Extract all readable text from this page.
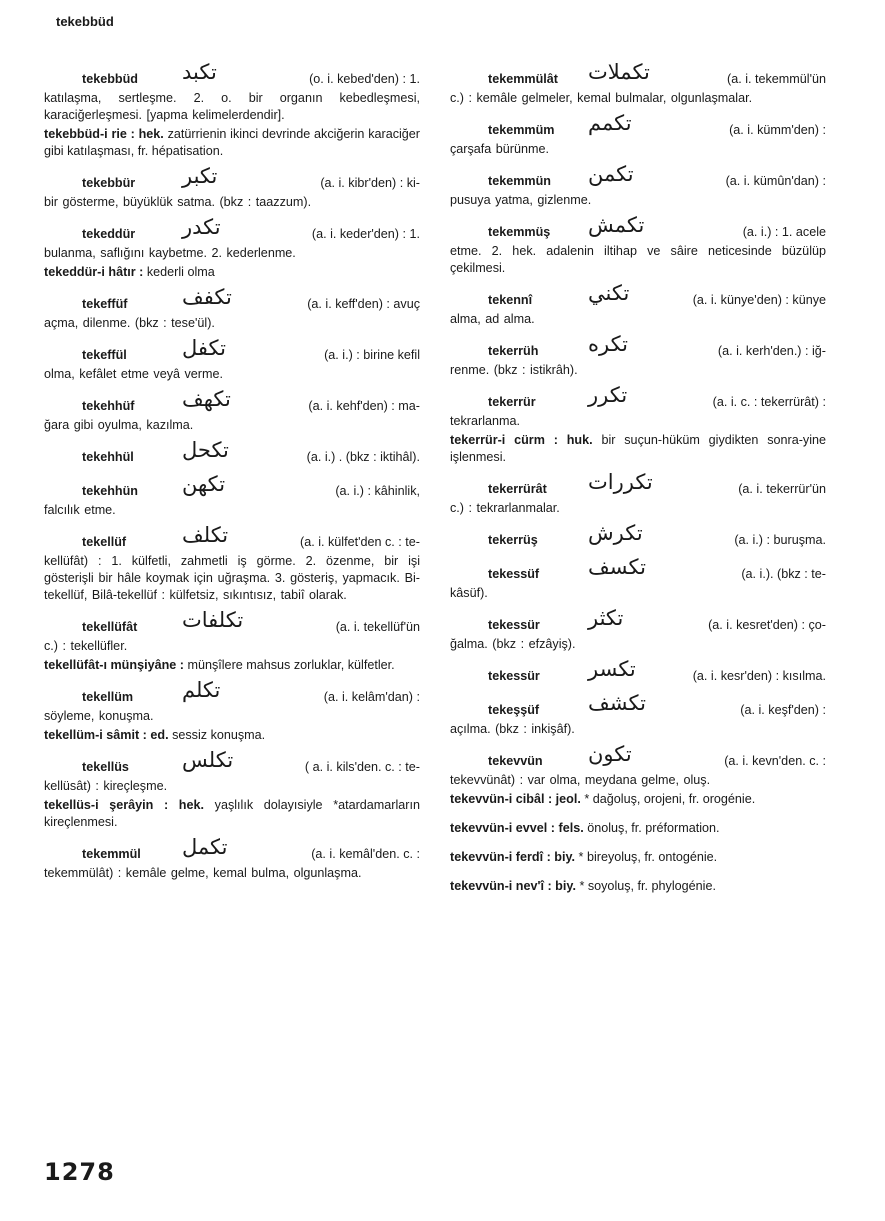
tekebbüd
tekebbüd تكبد	(o. i. kebed'den) : 1.

katılaşma, sertleşme. 2. o. bir organın kebedleşmesi, karaciğerleşmesi. [yapma kelimelerdendir].

tekebbüd-i rie : hek. zatürrienin ikinci devrinde akciğerin karaciğer gibi katılaşması, fr. hépatisation.
tekebbür تكبر	(a. i. kibr'den) : ki-

bir gösterme, büyüklük satma. (bkz : taazzum).

tekeddür تكدر	(a. i. keder'den) : 1.

bulanma, saflığını kaybetme. 2. kederlenme.

tekeddür-i hâtır : kederli olma
tekeffüf	تكفف	(a. i. keff'den) : avuç

açma, dilenme. (bkz : tese'ül).

tekeffül	تكفل	(a. i.) : birine kefil

olma, kefâlet etme veyâ verme.

tekehhüf تكهف	(a. i. kehf'den) : ma-

ğara gibi oyulma, kazılma.

tekehhül تكحل	(a. i.) . (bkz : iktihâl).
tekehhün تكهن	(a. i.) : kâhinlik,

falcılık etme.

tekellüf	تكلف	(a. i. külfet'den c. : te-

kellüfât) : 1. külfetli, zahmetli iş görme. 2. özenme, bir işi gösterişli bir hâle koymak için uğraşma. 3. gösteriş, yapmacık. Bi-tekellüf, Bilâ-tekellüf : külfetsiz, sıkıntısız, tabiî olarak.

tekellüfât تكلفات	(a. i. tekellüf'ün

c.) : tekellüfler.

tekellüfât-ı münşiyâne : münşîlere mahsus zorluklar, külfetler.
tekellüm تكلم	(a. i. kelâm'dan) :

söyleme, konuşma.

tekellüm-i sâmit : ed. sessiz konuşma.
tekellüs	تكلس	( a. i. kils'den. c. : te-

kellüsât) : kireçleşme.

tekellüs-i şerâyin : hek. yaşlılık dolayısiyle *atardamarların kireçlenmesi.
tekemmül تكمل	(a. i. kemâl'den. c. :

tekemmülât) : kemâle gelme, kemal bulma, olgunlaşma.

tekemmülât تكملات	(a. i. tekemmül'ün

c.) : kemâle gelmeler, kemal bulmalar, olgunlaşmalar.

tekemmüm تكمم	(a. i. kümm'den) :

çarşafa bürünme.

tekemmün تكمن	(a. i. kümûn'dan) :

pusuya yatma, gizlenme.

tekemmüş تكمش	(a. i.) : 1. acele

etme. 2. hek. adalenin iltihap ve sâire neticesinde büzülüp çekilmesi.

tekennî	تكني	(a. i. künye'den) : künye

alma, ad alma.

tekerrüh تكره	(a. i. kerh'den.) : iğ-

renme. (bkz : istikrâh).

tekerrür تكرر	(a. i. c. : tekerrürât) :

tekrarlanma.

tekerrür-i cürm : huk. bir suçun-hüküm giydikten sonra-yine işlenmesi.
tekerrürât تكررات	(a. i. tekerrür'ün

c.) : tekrarlanmalar.

tekerrüş تكرش	(a. i.) : buruşma.
tekessüf تكسف	(a. i.). (bkz : te-

kâsüf).

tekessür تكثر	(a. i. kesret'den) : ço-

ğalma. (bkz : efzâyiş).

tekessür تكسر	(a. i. kesr'den) : kısılma.
tekeşşüf تكشف	(a. i. keşf'den) :

açılma. (bkz : inkişâf).

tekevvün تكون	(a. i. kevn'den. c. :

tekevvünât) : var olma, meydana gelme, oluş.

tekevvün-i cibâl : jeol. * dağoluş, orojeni, fr. orogénie.
tekevvün-i evvel : fels. önoluş, fr. préformation.
tekevvün-i ferdî : biy. * bireyoluş, fr. ontogénie.
tekevvün-i nev'î : biy. * soyoluş, fr. phylogénie.
1278
